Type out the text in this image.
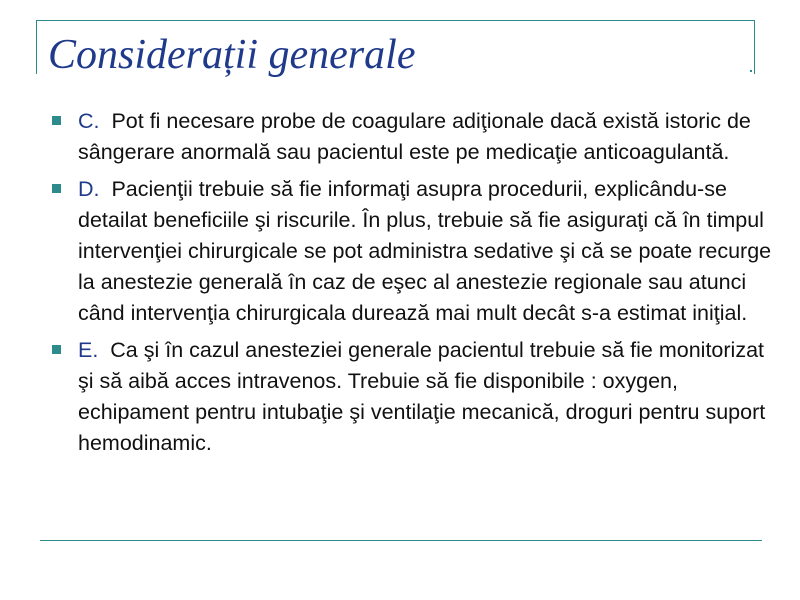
Considerații generale
C. Pot fi necesare probe de coagulare adiţionale dacă există istoric de sângerare anormală sau pacientul este pe medicaţie anticoagulantă.
D. Pacienţii trebuie să fie informaţi asupra procedurii, explicându-se detailat beneficiile şi riscurile. În plus, trebuie să fie asiguraţi că în timpul intervenţiei chirurgicale se pot administra sedative şi că se poate recurge la anestezie generală în caz de eşec al anestezie regionale sau atunci când intervenţia chirurgicala durează mai mult decât s-a estimat iniţial.
E. Ca şi în cazul anesteziei generale pacientul trebuie să fie monitorizat şi să aibă acces intravenos. Trebuie să fie disponibile : oxygen, echipament pentru intubaţie şi ventilaţie mecanică, droguri pentru suport hemodinamic.
